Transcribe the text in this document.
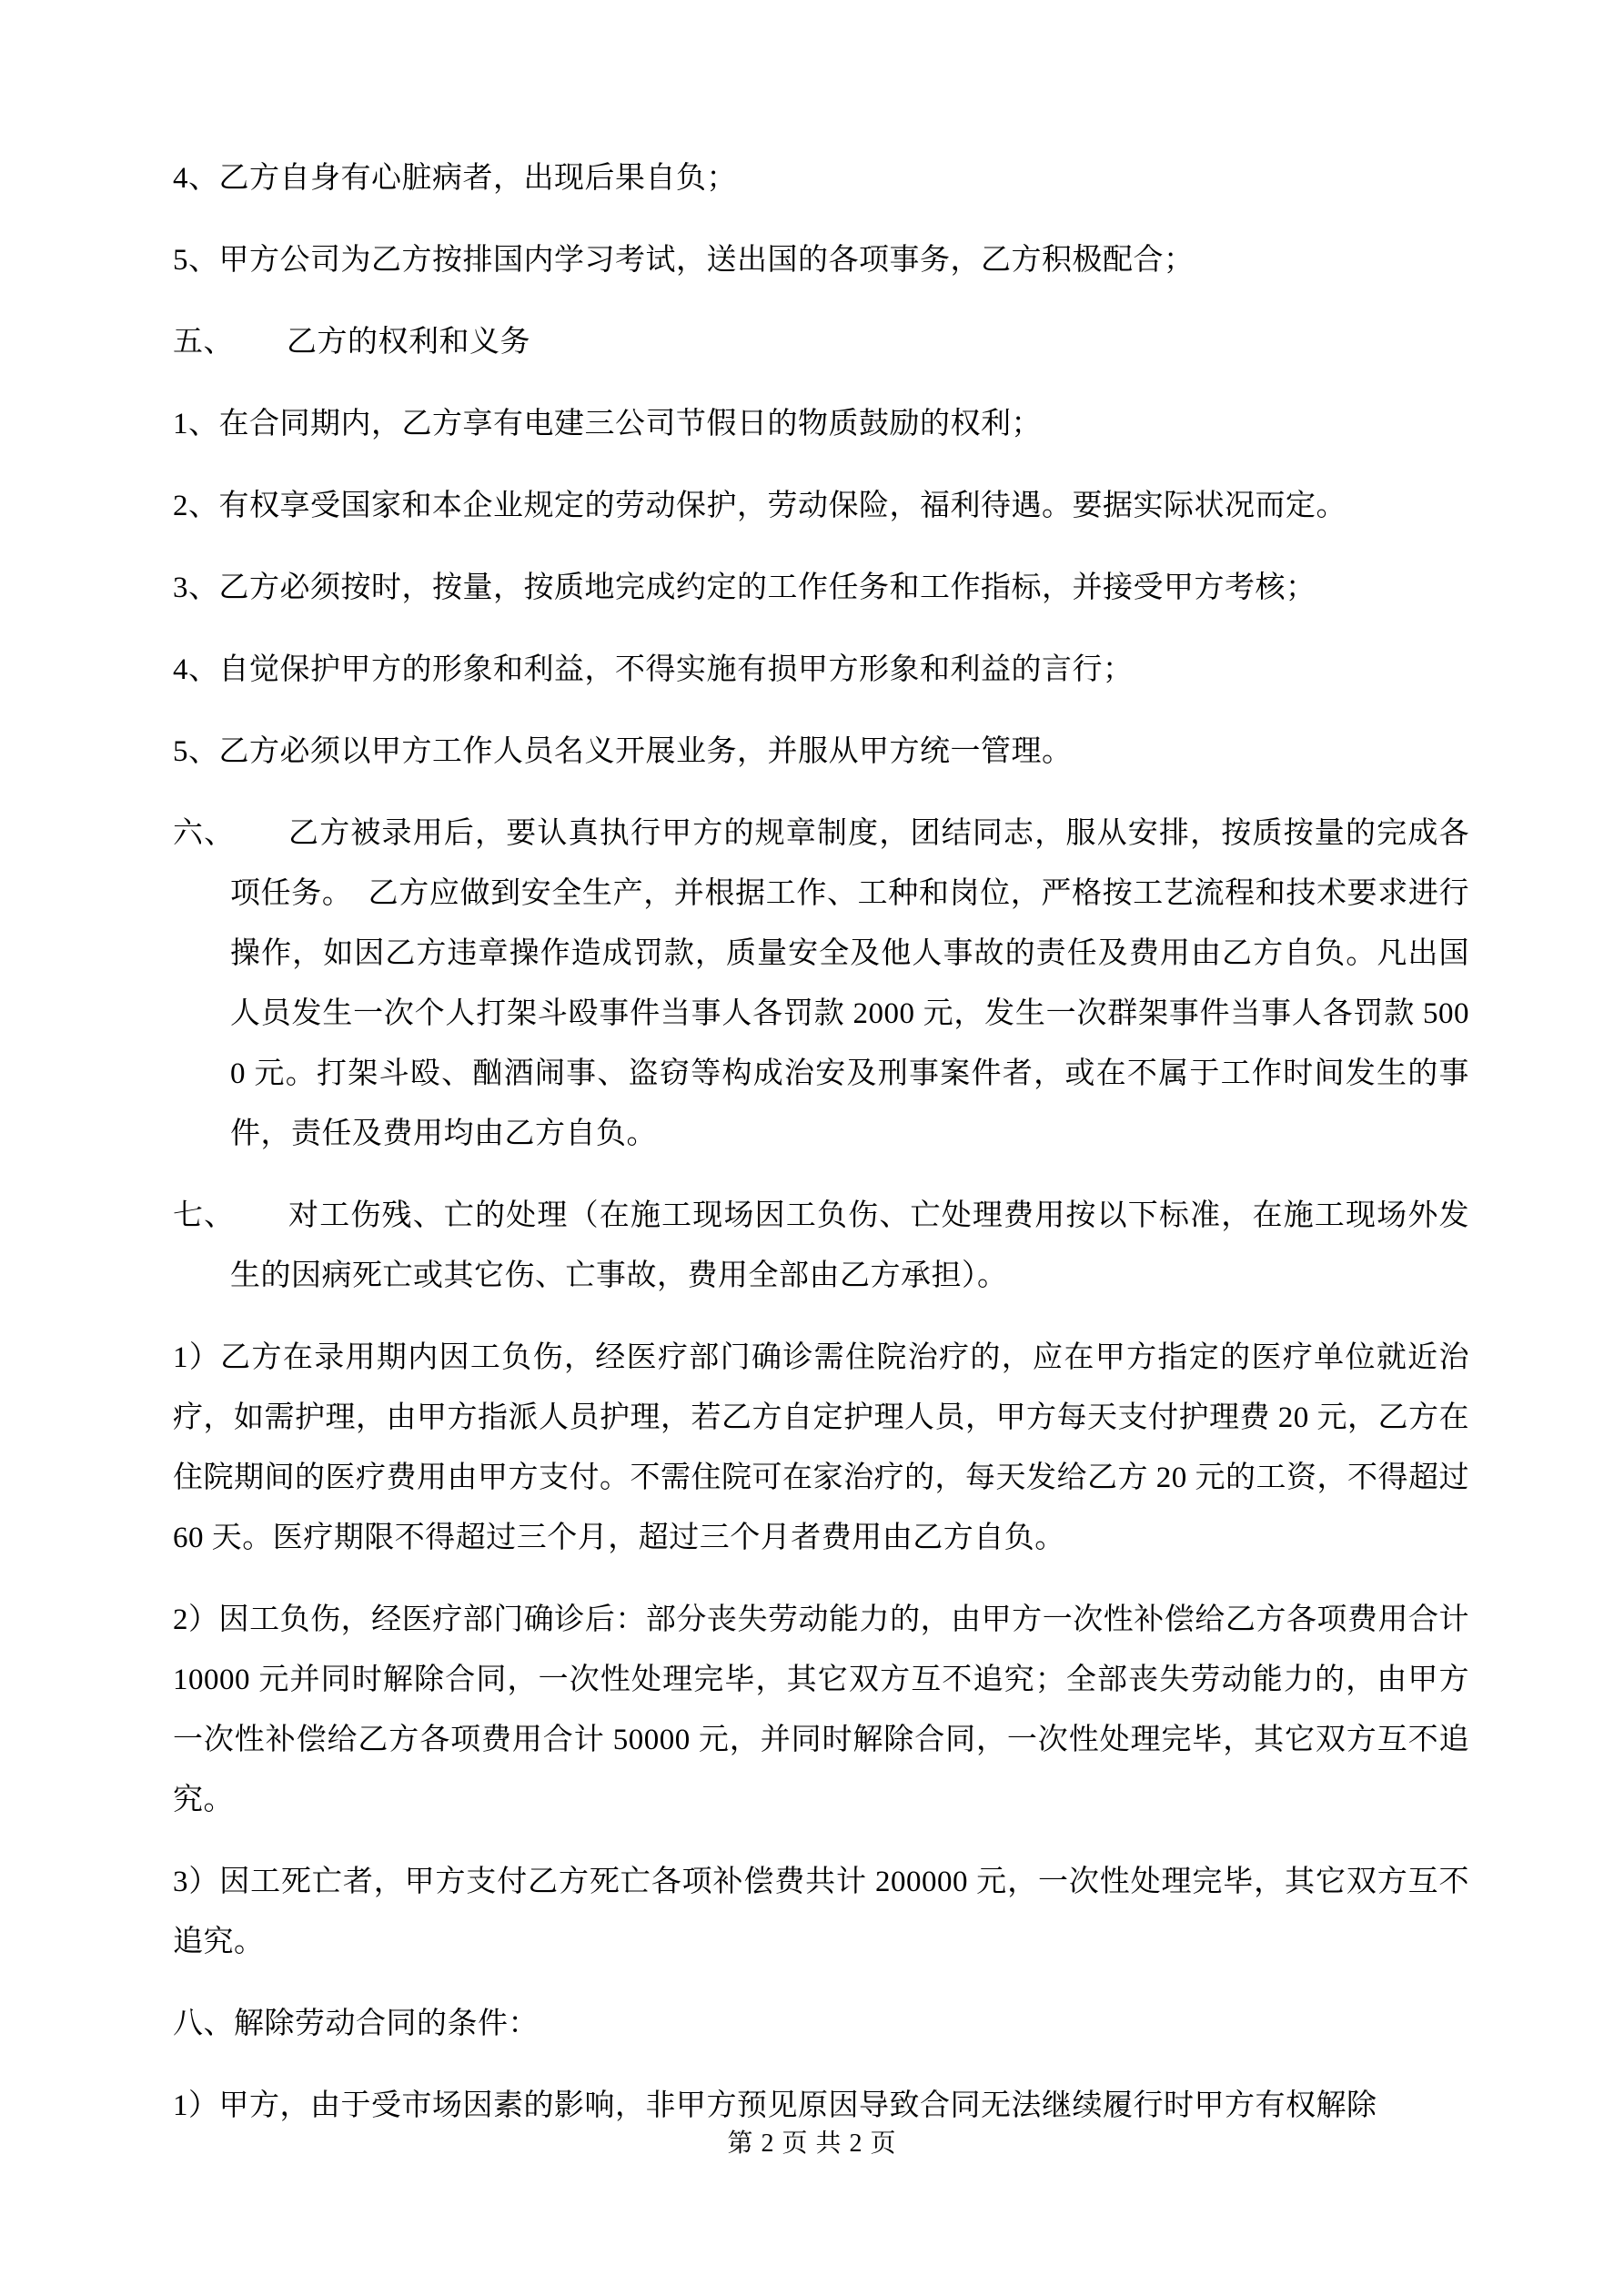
4、乙方自身有心脏病者，出现后果自负；

5、甲方公司为乙方按排国内学习考试，送出国的各项事务，乙方积极配合；

五、 乙方的权利和义务

1、在合同期内，乙方享有电建三公司节假日的物质鼓励的权利；

2、有权享受国家和本企业规定的劳动保护，劳动保险，福利待遇。要据实际状况而定。

3、乙方必须按时，按量，按质地完成约定的工作任务和工作指标，并接受甲方考核；

4、自觉保护甲方的形象和利益，不得实施有损甲方形象和利益的言行；

5、乙方必须以甲方工作人员名义开展业务，并服从甲方统一管理。

六、 乙方被录用后，要认真执行甲方的规章制度，团结同志，服从安排，按质按量的完成各项任务。　乙方应做到安全生产，并根据工作、工种和岗位，严格按工艺流程和技术要求进行操作，如因乙方违章操作造成罚款，质量安全及他人事故的责任及费用由乙方自负。凡出国人员发生一次个人打架斗殴事件当事人各罚款 2000 元，发生一次群架事件当事人各罚款 5000 元。打架斗殴、酗酒闹事、盗窃等构成治安及刑事案件者，或在不属于工作时间发生的事件，责任及费用均由乙方自负。

七、 对工伤残、亡的处理（在施工现场因工负伤、亡处理费用按以下标准，在施工现场外发生的因病死亡或其它伤、亡事故，费用全部由乙方承担）。

1）乙方在录用期内因工负伤，经医疗部门确诊需住院治疗的，应在甲方指定的医疗单位就近治疗，如需护理，由甲方指派人员护理，若乙方自定护理人员，甲方每天支付护理费 20 元，乙方在住院期间的医疗费用由甲方支付。不需住院可在家治疗的，每天发给乙方 20 元的工资，不得超过 60 天。医疗期限不得超过三个月，超过三个月者费用由乙方自负。

2）因工负伤，经医疗部门确诊后：部分丧失劳动能力的，由甲方一次性补偿给乙方各项费用合计 10000 元并同时解除合同，一次性处理完毕，其它双方互不追究；全部丧失劳动能力的，由甲方一次性补偿给乙方各项费用合计 50000 元，并同时解除合同，一次性处理完毕，其它双方互不追究。

3）因工死亡者，甲方支付乙方死亡各项补偿费共计 200000 元，一次性处理完毕，其它双方互不追究。

八、解除劳动合同的条件：

1）甲方，由于受市场因素的影响，非甲方预见原因导致合同无法继续履行时甲方有权解除

第 2 页 共 2 页
